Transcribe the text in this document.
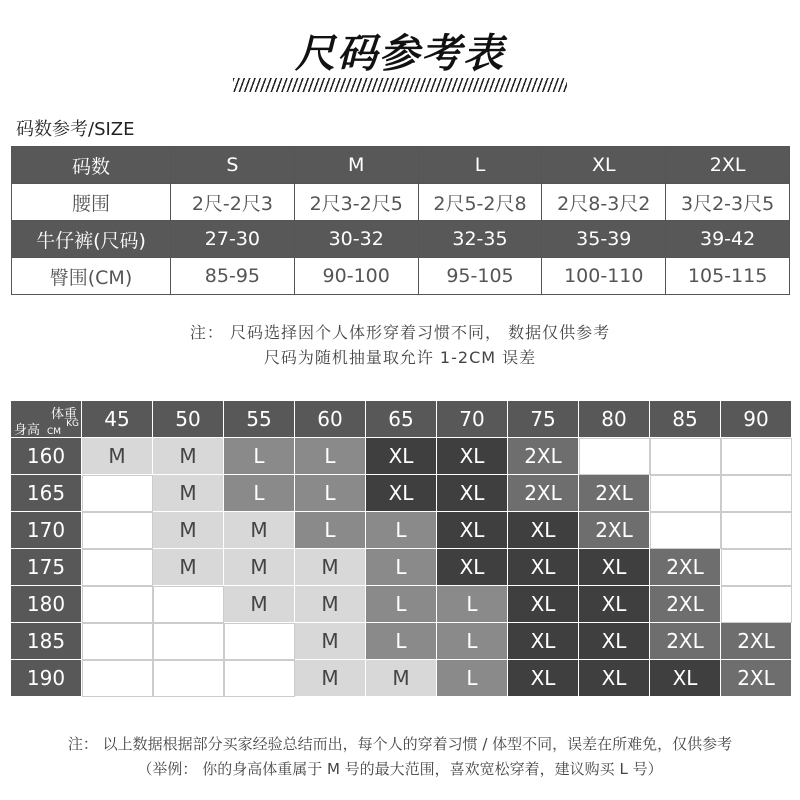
尺码参考表
码数参考/SIZE
码数	S	M	L	XL	2XL
腰围	2尺-2尺3	2尺3-2尺5	2尺5-2尺8	2尺8-3尺2	3尺2-3尺5
牛仔裤(尺码)	27-30	30-32	32-35	35-39	39-42
臀围(CM)	85-95	90-100	95-105	100-110	105-115
注： 尺码选择因个人体形穿着习惯不同， 数据仅供参考
尺码为随机抽量取允许 1-2CM 误差
体重
KG
身高 CM	45	50	55	60	65	70	75	80	85	90
160	M	M	L	L	XL	XL	2XL			
165		M	L	L	XL	XL	2XL	2XL		
170		M	M	L	L	XL	XL	2XL		
175		M	M	M	L	XL	XL	XL	2XL	
180			M	M	L	L	XL	XL	2XL	
185				M	L	L	XL	XL	2XL	2XL
190				M	M	L	XL	XL	XL	2XL
注： 以上数据根据部分买家经验总结而出，每个人的穿着习惯 / 体型不同，误差在所难免，仅供参考
（举例： 你的身高体重属于 M 号的最大范围，喜欢宽松穿着，建议购买 L 号）
